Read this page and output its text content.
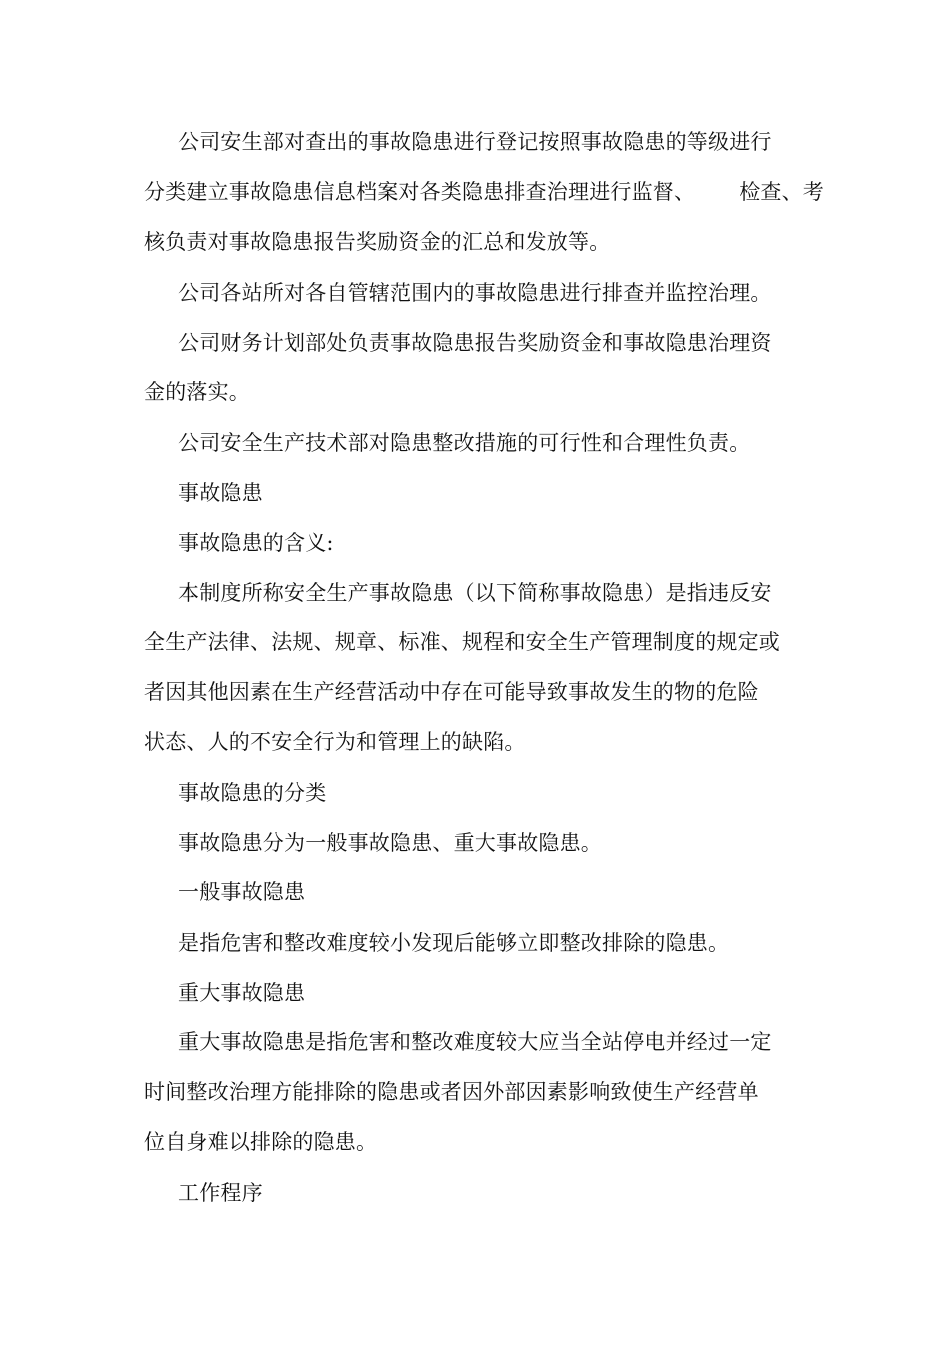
公司安生部对查出的事故隐患进行登记按照事故隐患的等级进行
分类建立事故隐患信息档案对各类隐患排查治理进行监督、 检查、考
核负责对事故隐患报告奖励资金的汇总和发放等。
公司各站所对各自管辖范围内的事故隐患进行排查并监控治理。
公司财务计划部处负责事故隐患报告奖励资金和事故隐患治理资
金的落实。
公司安全生产技术部对隐患整改措施的可行性和合理性负责。
事故隐患
事故隐患的含义:
本制度所称安全生产事故隐患（以下简称事故隐患）是指违反安
全生产法律、法规、规章、标准、规程和安全生产管理制度的规定或
者因其他因素在生产经营活动中存在可能导致事故发生的物的危险
状态、人的不安全行为和管理上的缺陷。
事故隐患的分类
事故隐患分为一般事故隐患、重大事故隐患。
一般事故隐患
是指危害和整改难度较小发现后能够立即整改排除的隐患。
重大事故隐患
重大事故隐患是指危害和整改难度较大应当全站停电并经过一定
时间整改治理方能排除的隐患或者因外部因素影响致使生产经营单
位自身难以排除的隐患。
工作程序
